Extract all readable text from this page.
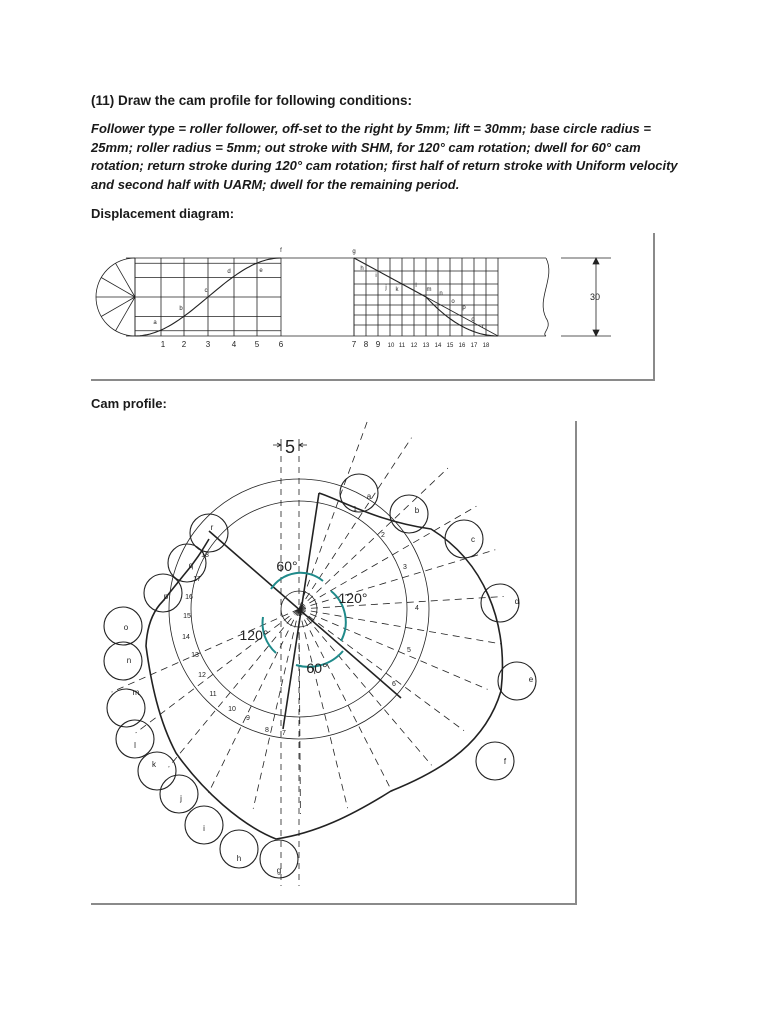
(11) Draw the cam profile for following conditions:
Follower type = roller follower, off-set to the right by 5mm; lift = 30mm; base circle radius =
25mm; roller radius = 5mm; out stroke with SHM, for 120° cam rotation; dwell for 60° cam
rotation; return stroke during 120° cam rotation; first half of return stroke with Uniform velocity
and second half with UARM; dwell for the remaining period.
Displacement diagram:
30
1 2 3	4 5 6	7 8 9 10 11 12 13 14 15 16 17 18
a
b
c
d	e
f	g
h
i
j k
l
m
n
o
p
q
r
Cam profile:
5
a
b
c
d
e
f
g
h
i
j
k
l
m
n
o
p
q
r
1
2
3
4
5
6
7
8
9
10
11
12
13
14
15
16
17
18
60°
120°
120°
60°
